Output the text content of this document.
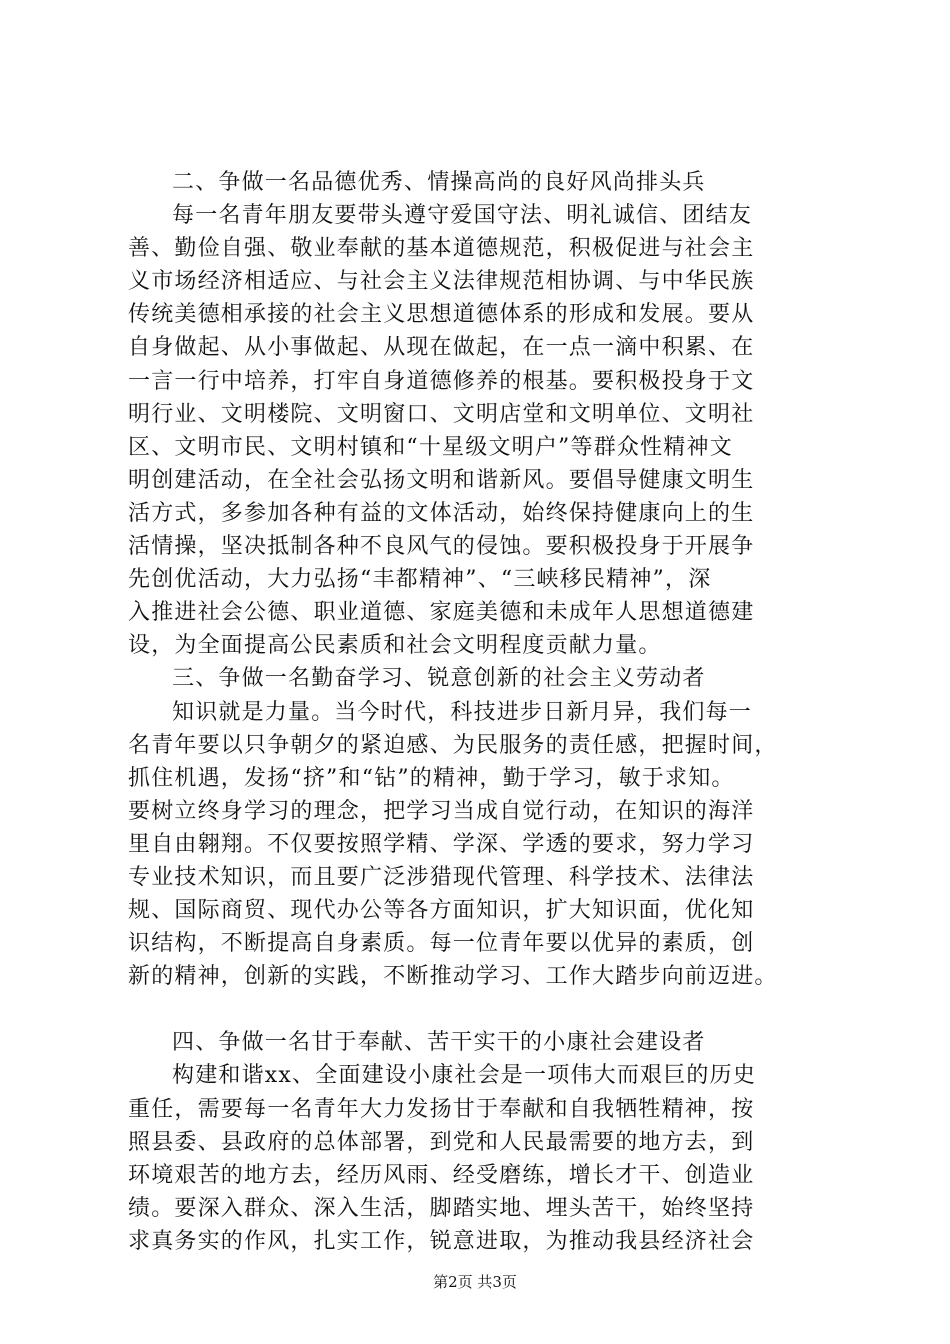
二、争做一名品德优秀、情操高尚的良好风尚排头兵
每一名青年朋友要带头遵守爱国守法、明礼诚信、团结友
善、勤俭自强、敬业奉献的基本道德规范，积极促进与社会主
义市场经济相适应、与社会主义法律规范相协调、与中华民族
传统美德相承接的社会主义思想道德体系的形成和发展。要从
自身做起、从小事做起、从现在做起，在一点一滴中积累、在
一言一行中培养，打牢自身道德修养的根基。要积极投身于文
明行业、文明楼院、文明窗口、文明店堂和文明单位、文明社
区、文明市民、文明村镇和“十星级文明户”等群众性精神文
明创建活动，在全社会弘扬文明和谐新风。要倡导健康文明生
活方式，多参加各种有益的文体活动，始终保持健康向上的生
活情操，坚决抵制各种不良风气的侵蚀。要积极投身于开展争
先创优活动，大力弘扬“丰都精神”、“三峡移民精神”，深
入推进社会公德、职业道德、家庭美德和未成年人思想道德建
设，为全面提高公民素质和社会文明程度贡献力量。
三、争做一名勤奋学习、锐意创新的社会主义劳动者
知识就是力量。当今时代，科技进步日新月异，我们每一
名青年要以只争朝夕的紧迫感、为民服务的责任感，把握时间，
抓住机遇，发扬“挤”和“钻”的精神，勤于学习，敏于求知。
要树立终身学习的理念，把学习当成自觉行动，在知识的海洋
里自由翱翔。不仅要按照学精、学深、学透的要求，努力学习
专业技术知识，而且要广泛涉猎现代管理、科学技术、法律法
规、国际商贸、现代办公等各方面知识，扩大知识面，优化知
识结构，不断提高自身素质。每一位青年要以优异的素质，创
新的精神，创新的实践，不断推动学习、工作大踏步向前迈进。
四、争做一名甘于奉献、苦干实干的小康社会建设者
构建和谐xx、全面建设小康社会是一项伟大而艰巨的历史
重任，需要每一名青年大力发扬甘于奉献和自我牺牲精神，按
照县委、县政府的总体部署，到党和人民最需要的地方去，到
环境艰苦的地方去，经历风雨、经受磨练，增长才干、创造业
绩。要深入群众、深入生活，脚踏实地、埋头苦干，始终坚持
求真务实的作风，扎实工作，锐意进取，为推动我县经济社会
第2页 共3页
